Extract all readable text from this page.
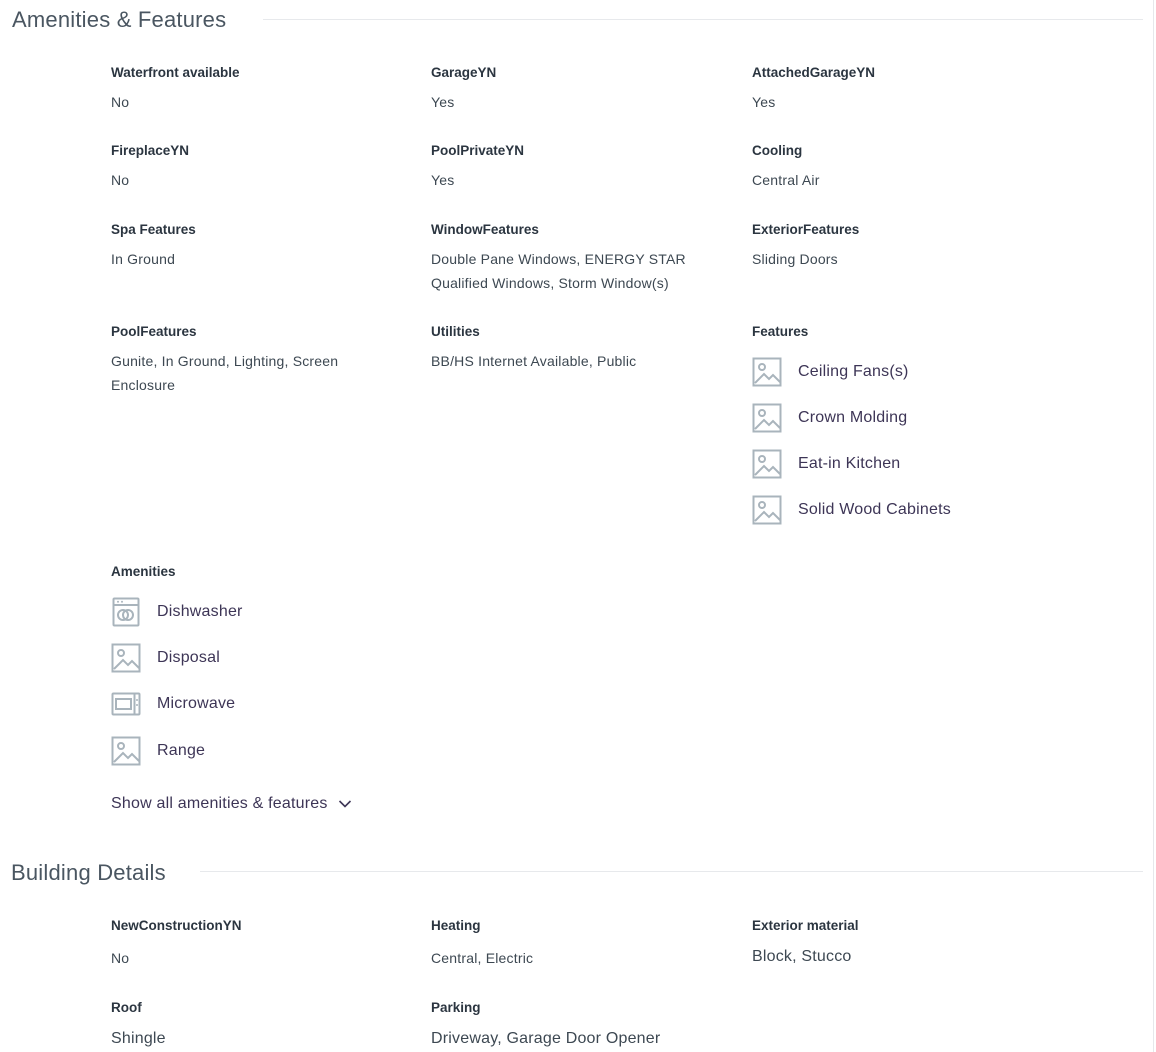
Amenities & Features
Waterfront available
No
GarageYN
Yes
AttachedGarageYN
Yes
FireplaceYN
No
PoolPrivateYN
Yes
Cooling
Central Air
Spa Features
In Ground
WindowFeatures
Double Pane Windows, ENERGY STAR Qualified Windows, Storm Window(s)
ExteriorFeatures
Sliding Doors
PoolFeatures
Gunite, In Ground, Lighting, Screen Enclosure
Utilities
BB/HS Internet Available, Public
Features
Ceiling Fans(s)
Crown Molding
Eat-in Kitchen
Solid Wood Cabinets
Amenities
Dishwasher
Disposal
Microwave
Range
Show all amenities & features
Building Details
NewConstructionYN
No
Heating
Central, Electric
Exterior material
Block, Stucco
Roof
Shingle
Parking
Driveway, Garage Door Opener
